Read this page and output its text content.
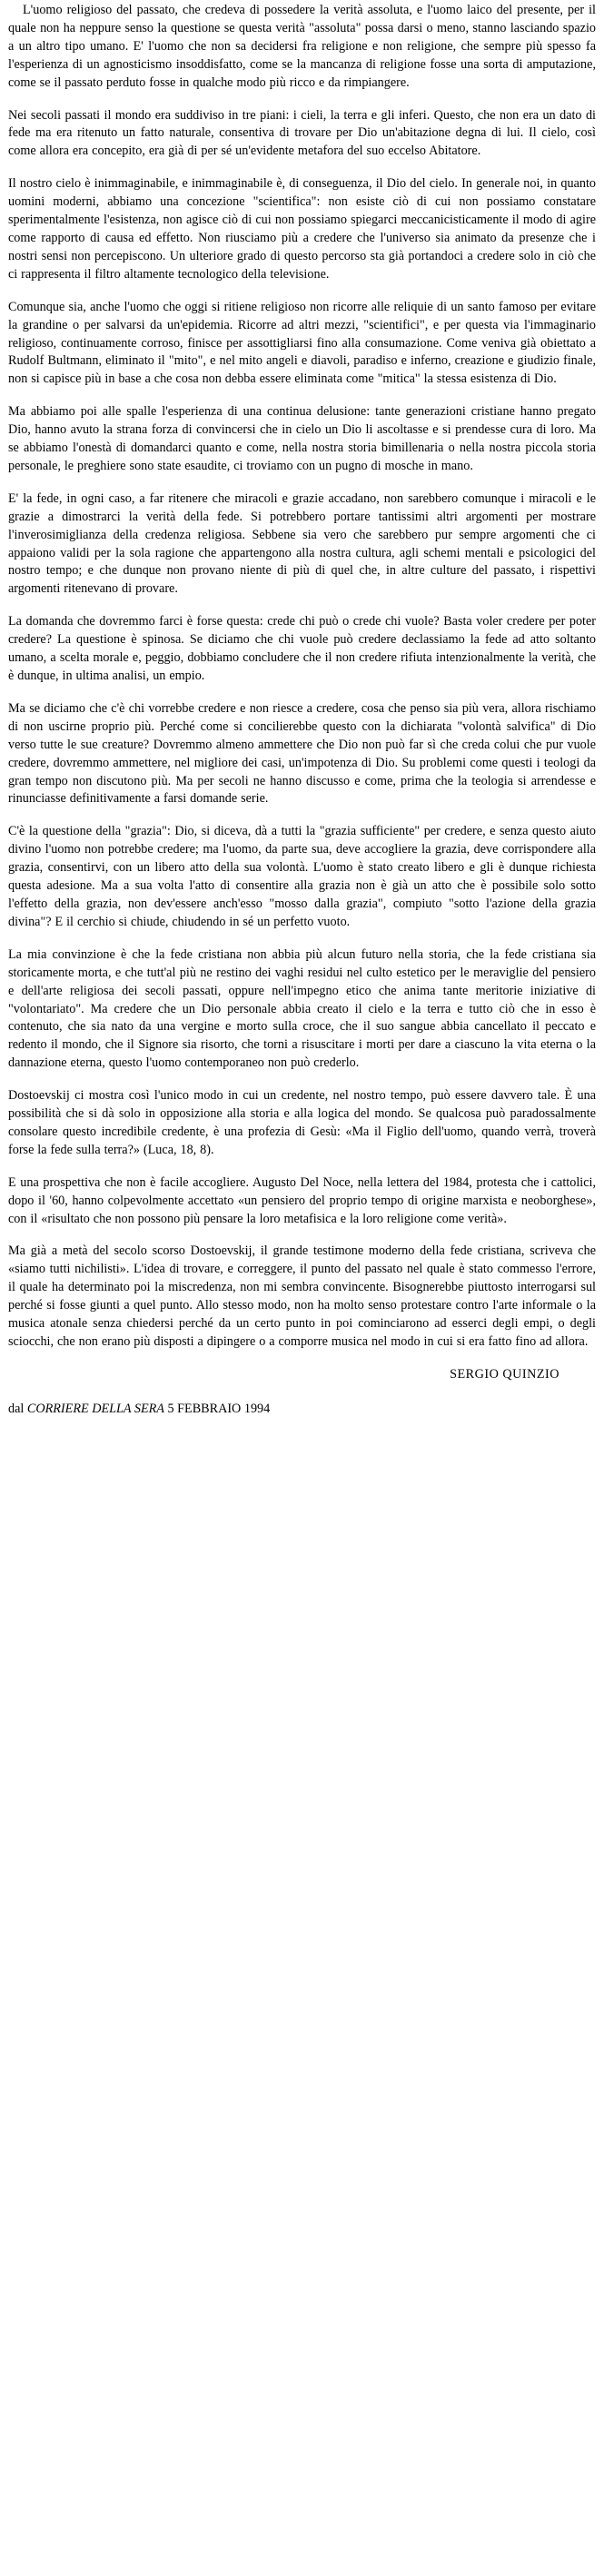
L'uomo religioso del passato, che credeva di possedere la verità assoluta, e l'uomo laico del presente, per il quale non ha neppure senso la questione se questa verità "assoluta" possa darsi o meno, stanno lasciando spazio a un altro tipo umano. E' l'uomo che non sa decidersi fra religione e non religione, che sempre più spesso fa l'esperienza di un agnosticismo insoddisfatto, come se la mancanza di religione fosse una sorta di amputazione, come se il passato perduto fosse in qualche modo più ricco e da rimpiangere.

Nei secoli passati il mondo era suddiviso in tre piani: i cieli, la terra e gli inferi. Questo, che non era un dato di fede ma era ritenuto un fatto naturale, consentiva di trovare per Dio un'abitazione degna di lui. Il cielo, così come allora era concepito, era già di per sé un'evidente metafora del suo eccelso Abitatore.

Il nostro cielo è inimmaginabile, e inimmaginabile è, di conseguenza, il Dio del cielo. In generale noi, in quanto uomini moderni, abbiamo una concezione "scientifica": non esiste ciò di cui non possiamo constatare sperimentalmente l'esistenza, non agisce ciò di cui non possiamo spiegarci meccanicisticamente il modo di agire come rapporto di causa ed effetto. Non riusciamo più a credere che l'universo sia animato da presenze che i nostri sensi non percepiscono. Un ulteriore grado di questo percorso sta già portandoci a credere solo in ciò che ci rappresenta il filtro altamente tecnologico della televisione.

Comunque sia, anche l'uomo che oggi si ritiene religioso non ricorre alle reliquie di un santo famoso per evitare la grandine o per salvarsi da un'epidemia. Ricorre ad altri mezzi, "scientifici", e per questa via l'immaginario religioso, continuamente corroso, finisce per assottigliarsi fino alla consumazione. Come veniva già obiettato a Rudolf Bultmann, eliminato il "mito", e nel mito angeli e diavoli, paradiso e inferno, creazione e giudizio finale, non si capisce più in base a che cosa non debba essere eliminata come "mitica" la stessa esistenza di Dio.

Ma abbiamo poi alle spalle l'esperienza di una continua delusione: tante generazioni cristiane hanno pregato Dio, hanno avuto la strana forza di convincersi che in cielo un Dio li ascoltasse e si prendesse cura di loro. Ma se abbiamo l'onestà di domandarci quanto e come, nella nostra storia bimillenaria o nella nostra piccola storia personale, le preghiere sono state esaudite, ci troviamo con un pugno di mosche in mano.

E' la fede, in ogni caso, a far ritenere che miracoli e grazie accadano, non sarebbero comunque i miracoli e le grazie a dimostrarci la verità della fede. Si potrebbero portare tantissimi altri argomenti per mostrare l'inverosimiglianza della credenza religiosa. Sebbene sia vero che sarebbero pur sempre argomenti che ci appaiono validi per la sola ragione che appartengono alla nostra cultura, agli schemi mentali e psicologici del nostro tempo; e che dunque non provano niente di più di quel che, in altre culture del passato, i rispettivi argomenti ritenevano di provare.

La domanda che dovremmo farci è forse questa: crede chi può o crede chi vuole? Basta voler credere per poter credere? La questione è spinosa. Se diciamo che chi vuole può credere declassiamo la fede ad atto soltanto umano, a scelta morale e, peggio, dobbiamo concludere che il non credere rifiuta intenzionalmente la verità, che è dunque, in ultima analisi, un empio.

Ma se diciamo che c'è chi vorrebbe credere e non riesce a credere, cosa che penso sia più vera, allora rischiamo di non uscirne proprio più. Perché come si concilierebbe questo con la dichiarata "volontà salvifica" di Dio verso tutte le sue creature? Dovremmo almeno ammettere che Dio non può far sì che creda colui che pur vuole credere, dovremmo ammettere, nel migliore dei casi, un'impotenza di Dio. Su problemi come questi i teologi da gran tempo non discutono più. Ma per secoli ne hanno discusso e come, prima che la teologia si arrendesse e rinunciasse definitivamente a farsi domande serie.

C'è la questione della "grazia": Dio, si diceva, dà a tutti la "grazia sufficiente" per credere, e senza questo aiuto divino l'uomo non potrebbe credere; ma l'uomo, da parte sua, deve accogliere la grazia, deve corrispondere alla grazia, consentirvi, con un libero atto della sua volontà. L'uomo è stato creato libero e gli è dunque richiesta questa adesione. Ma a sua volta l'atto di consentire alla grazia non è già un atto che è possibile solo sotto l'effetto della grazia, non dev'essere anch'esso "mosso dalla grazia", compiuto "sotto l'azione della grazia divina"? E il cerchio si chiude, chiudendo in sé un perfetto vuoto.

La mia convinzione è che la fede cristiana non abbia più alcun futuro nella storia, che la fede cristiana sia storicamente morta, e che tutt'al più ne restino dei vaghi residui nel culto estetico per le meraviglie del pensiero e dell'arte religiosa dei secoli passati, oppure nell'impegno etico che anima tante meritorie iniziative di "volontariato". Ma credere che un Dio personale abbia creato il cielo e la terra e tutto ciò che in esso è contenuto, che sia nato da una vergine e morto sulla croce, che il suo sangue abbia cancellato il peccato e redento il mondo, che il Signore sia risorto, che torni a risuscitare i morti per dare a ciascuno la vita eterna o la dannazione eterna, questo l'uomo contemporaneo non può crederlo.

Dostoevskij ci mostra così l'unico modo in cui un credente, nel nostro tempo, può essere davvero tale. È una possibilità che si dà solo in opposizione alla storia e alla logica del mondo. Se qualcosa può paradossalmente consolare questo incredibile credente, è una profezia di Gesù: «Ma il Figlio dell'uomo, quando verrà, troverà forse la fede sulla terra?» (Luca, 18, 8).

E una prospettiva che non è facile accogliere. Augusto Del Noce, nella lettera del 1984, protesta che i cattolici, dopo il '60, hanno colpevolmente accettato «un pensiero del proprio tempo di origine marxista e neoborghese», con il «risultato che non possono più pensare la loro metafisica e la loro religione come verità».

Ma già a metà del secolo scorso Dostoevskij, il grande testimone moderno della fede cristiana, scriveva che «siamo tutti nichilisti». L'idea di trovare, e correggere, il punto del passato nel quale è stato commesso l'errore, il quale ha determinato poi la miscredenza, non mi sembra convincente. Bisognerebbe piuttosto interrogarsi sul perché si fosse giunti a quel punto. Allo stesso modo, non ha molto senso protestare contro l'arte informale o la musica atonale senza chiedersi perché da un certo punto in poi cominciarono ad esserci degli empi, o degli sciocchi, che non erano più disposti a dipingere o a comporre musica nel modo in cui si era fatto fino ad allora.

SERGIO QUINZIO

dal CORRIERE DELLA SERA 5 FEBBRAIO 1994
